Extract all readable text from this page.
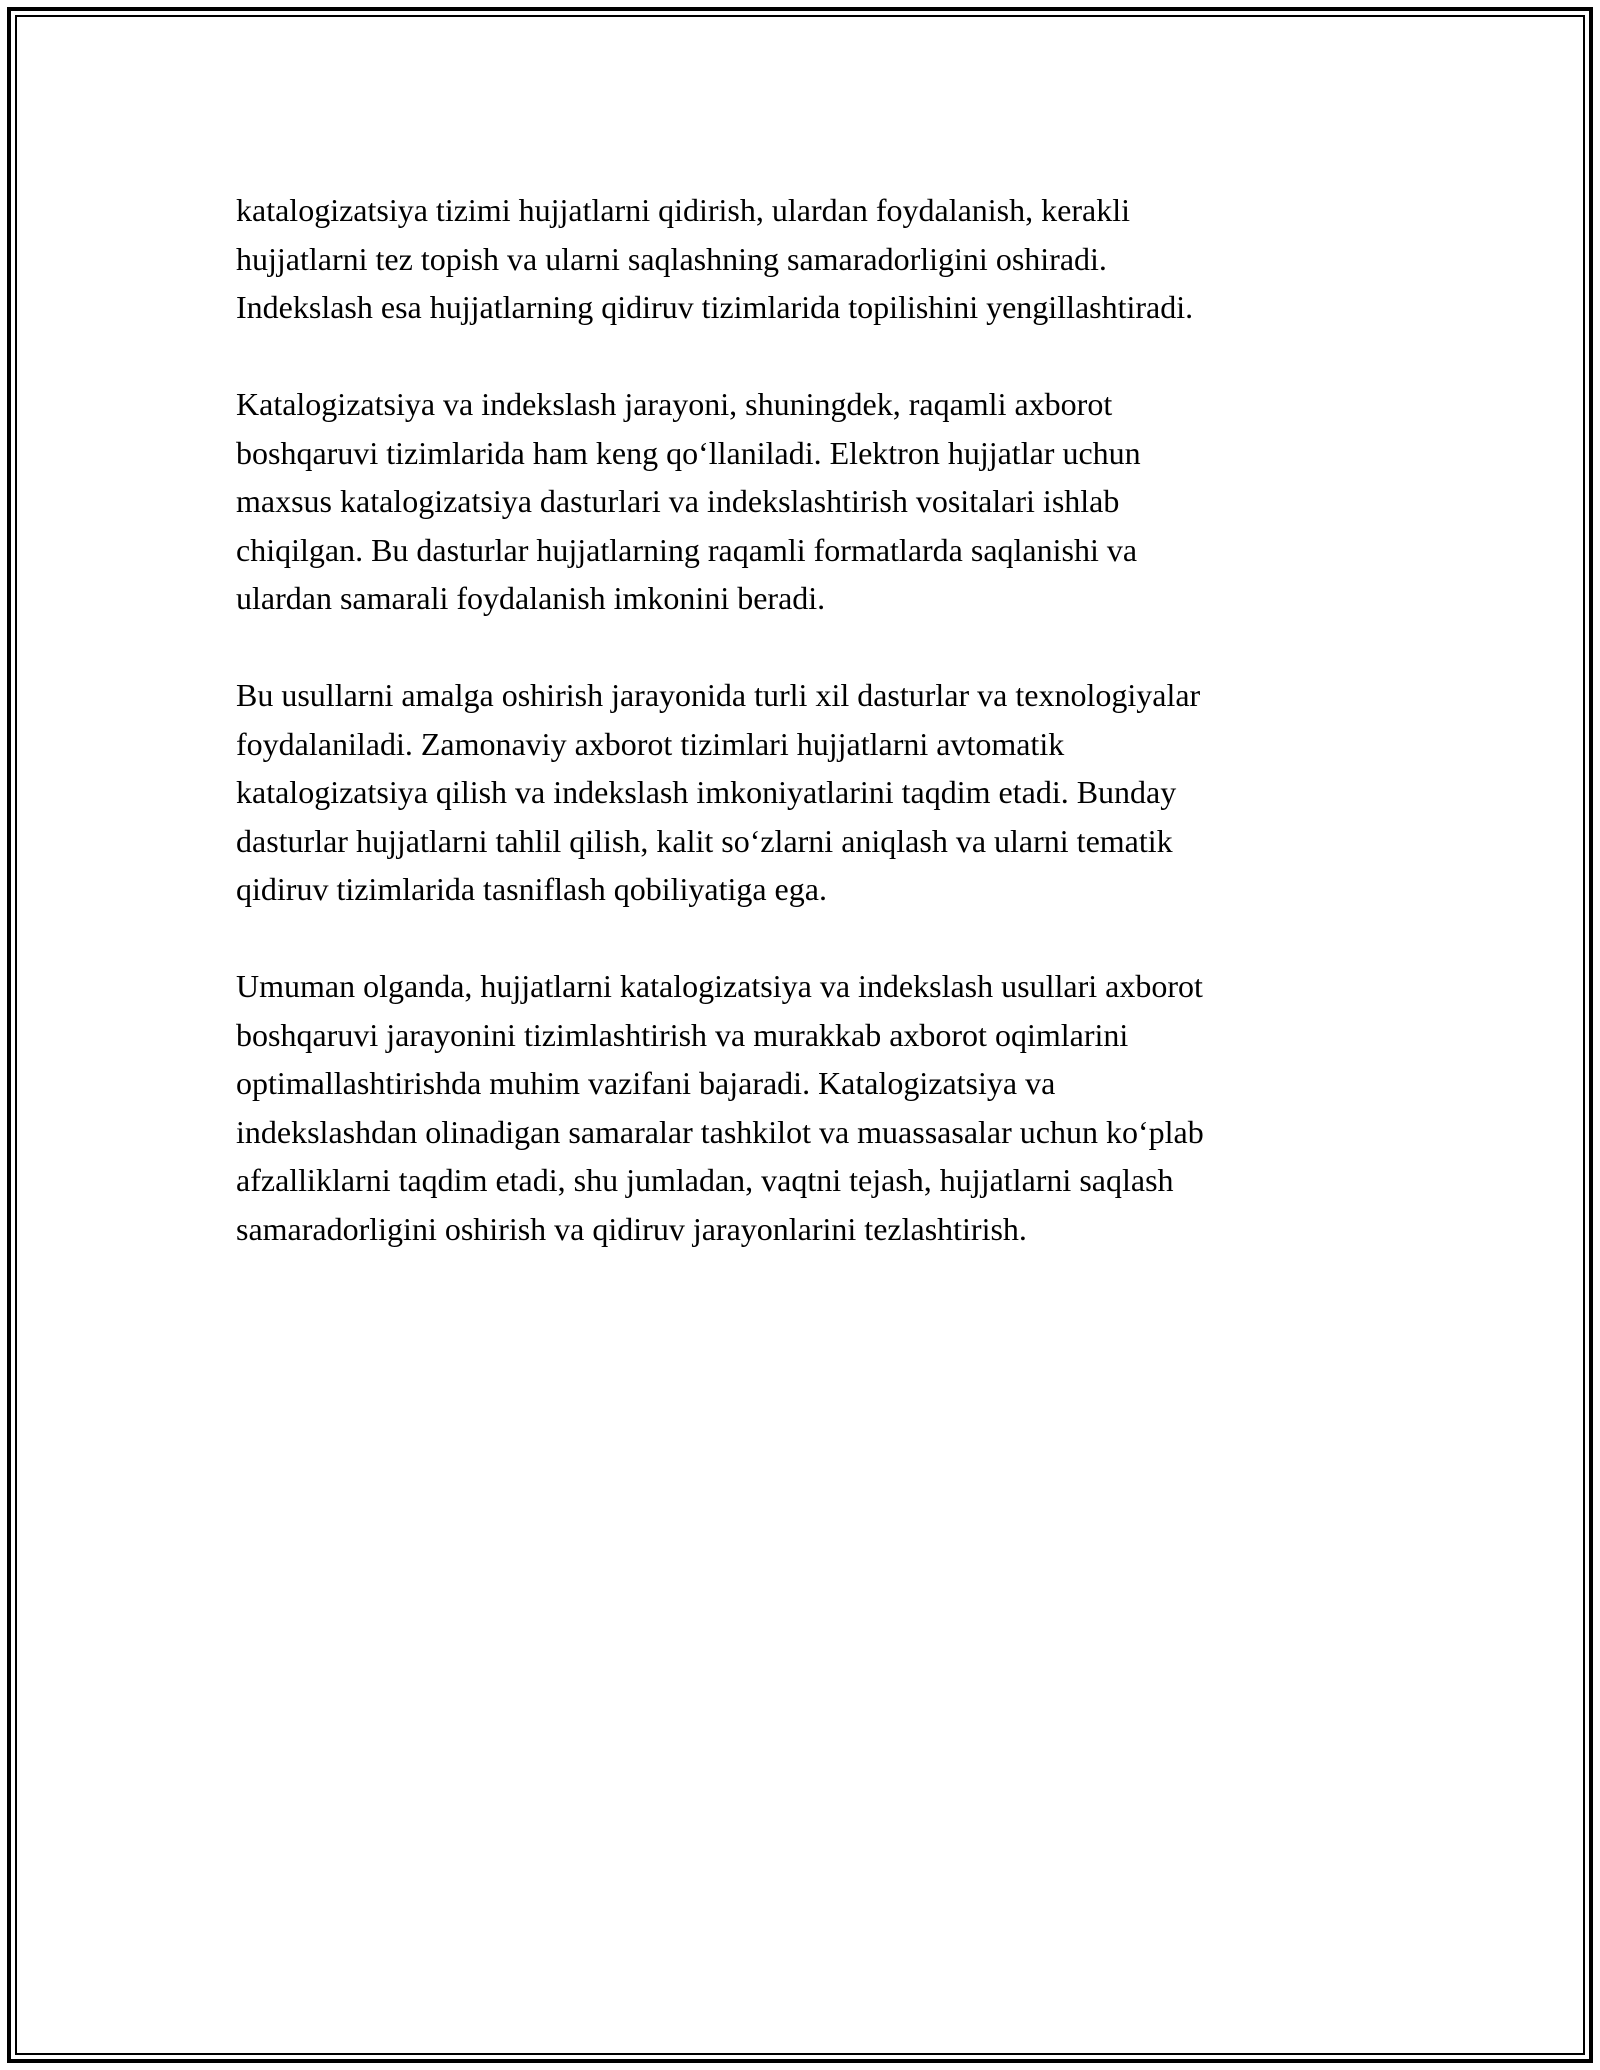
katalogizatsiya tizimi hujjatlarni qidirish, ulardan foydalanish, kerakli
hujjatlarni tez topish va ularni saqlashning samaradorligini oshiradi.
Indekslash esa hujjatlarning qidiruv tizimlarida topilishini yengillashtiradi.

Katalogizatsiya va indekslash jarayoni, shuningdek, raqamli axborot
boshqaruvi tizimlarida ham keng qo‘llaniladi. Elektron hujjatlar uchun
maxsus katalogizatsiya dasturlari va indekslashtirish vositalari ishlab
chiqilgan. Bu dasturlar hujjatlarning raqamli formatlarda saqlanishi va
ulardan samarali foydalanish imkonini beradi.

Bu usullarni amalga oshirish jarayonida turli xil dasturlar va texnologiyalar
foydalaniladi. Zamonaviy axborot tizimlari hujjatlarni avtomatik
katalogizatsiya qilish va indekslash imkoniyatlarini taqdim etadi. Bunday
dasturlar hujjatlarni tahlil qilish, kalit so‘zlarni aniqlash va ularni tematik
qidiruv tizimlarida tasniflash qobiliyatiga ega.

Umuman olganda, hujjatlarni katalogizatsiya va indekslash usullari axborot
boshqaruvi jarayonini tizimlashtirish va murakkab axborot oqimlarini
optimallashtirishda muhim vazifani bajaradi. Katalogizatsiya va
indekslashdan olinadigan samaralar tashkilot va muassasalar uchun ko‘plab
afzalliklarni taqdim etadi, shu jumladan, vaqtni tejash, hujjatlarni saqlash
samaradorligini oshirish va qidiruv jarayonlarini tezlashtirish.
